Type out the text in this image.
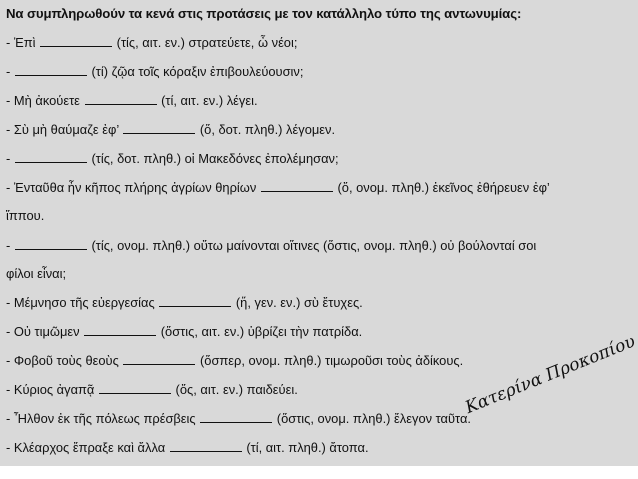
Να συμπληρωθούν τα κενά στις προτάσεις με τον κατάλληλο τύπο της αντωνυμίας:
- Ἐπὶ	(τίς, αιτ. εν.) στρατεύετε, ὦ νέοι;
-	(τί) ζῷα τοῖς κόραξιν ἐπιβουλεύουσιν;
- Μὴ ἀκούετε	(τί, αιτ. εν.) λέγει.
- Σὺ μὴ θαύμαζε ἐφ’	(ὅ, δοτ. πληθ.) λέγομεν.
-	(τίς, δοτ. πληθ.) οἱ Μακεδόνες ἐπολέμησαν;
- Ἐνταῦθα ἦν κῆπος πλήρης ἀγρίων θηρίων	(ὅ, ονομ. πληθ.) ἐκεῖνος ἐθήρευεν ἐφ’
ἵππου.
-	(τίς, ονομ. πληθ.) οὕτω μαίνονται οἵτινες (ὅστις, ονομ. πληθ.) οὐ βούλονταί σοι
φίλοι εἶναι;
- Μέμνησο τῆς εὐεργεσίας	(ἥ, γεν. εν.) σὺ ἔτυχες.
- Οὐ τιμῶμεν	(ὅστις, αιτ. εν.) ὑβρίζει τὴν πατρίδα.
- Φοβοῦ τοὺς θεοὺς	(ὅσπερ, ονομ. πληθ.) τιμωροῦσι τοὺς ἀδίκους.
- Κύριος ἀγαπᾷ	(ὅς, αιτ. εν.) παιδεύει.
- Ἦλθον ἐκ τῆς πόλεως πρέσβεις	(ὅστις, ονομ. πληθ.) ἔλεγον ταῦτα.
- Κλέαρχος ἔπραξε καὶ ἄλλα	(τί, αιτ. πληθ.) ἄτοπα.
Κατερίνα Προκοπίου
